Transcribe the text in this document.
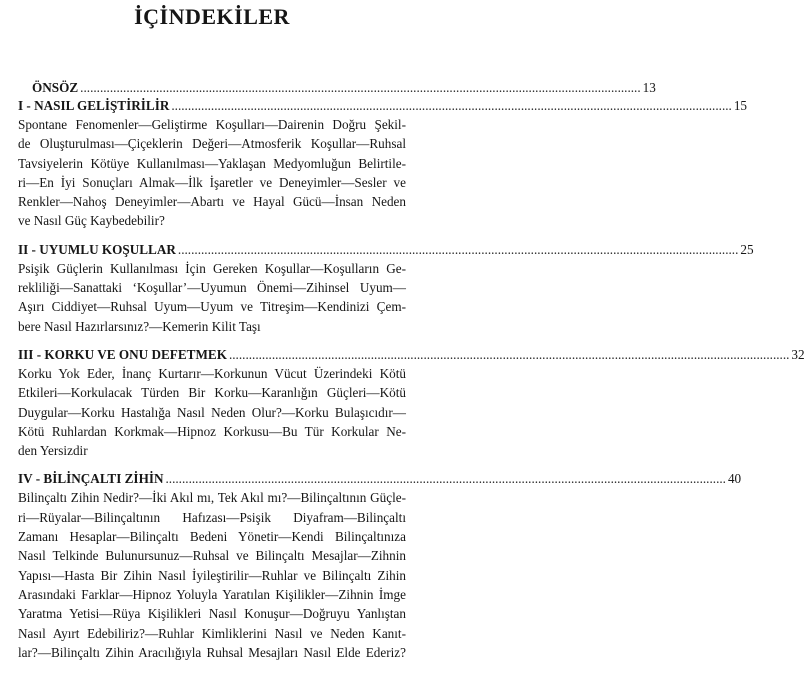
İÇİNDEKİLER
ÖNSÖZ .......................................................................................................................................................................... 13
I - NASIL GELİŞTİRİLİR .......................................................................................................................................................................... 15
Spontane Fenomenler—Geliştirme Koşulları—Dairenin Doğru Şekil-
de Oluşturulması—Çiçeklerin Değeri—Atmosferik Koşullar—Ruhsal
Tavsiyelerin Kötüye Kullanılması—Yaklaşan Medyomluğun Belirtile-
ri—En İyi Sonuçları Almak—İlk İşaretler ve Deneyimler—Sesler ve
Renkler—Nahoş Deneyimler—Abartı ve Hayal Gücü—İnsan Neden
ve Nasıl Güç Kaybedebilir?
II - UYUMLU KOŞULLAR .......................................................................................................................................................................... 25
Psişik Güçlerin Kullanılması İçin Gereken Koşullar—Koşulların Ge-
rekliliği—Sanattaki ‘Koşullar’—Uyumun Önemi—Zihinsel Uyum—
Aşırı Ciddiyet—Ruhsal Uyum—Uyum ve Titreşim—Kendinizi Çem-
bere Nasıl Hazırlarsınız?—Kemerin Kilit Taşı
III - KORKU VE ONU DEFETMEK .......................................................................................................................................................................... 32
Korku Yok Eder, İnanç Kurtarır—Korkunun Vücut Üzerindeki Kötü
Etkileri—Korkulacak Türden Bir Korku—Karanlığın Güçleri—Kötü
Duygular—Korku Hastalığa Nasıl Neden Olur?—Korku Bulaşıcıdır—
Kötü Ruhlardan Korkmak—Hipnoz Korkusu—Bu Tür Korkular Ne-
den Yersizdir
IV - BİLİNÇALTI ZİHİN .......................................................................................................................................................................... 40
Bilinçaltı Zihin Nedir?—İki Akıl mı, Tek Akıl mı?—Bilinçaltının Güçle-
ri—Rüyalar—Bilinçaltının Hafızası—Psişik Diyafram—Bilinçaltı
Zamanı Hesaplar—Bilinçaltı Bedeni Yönetir—Kendi Bilinçaltınıza
Nasıl Telkinde Bulunursunuz—Ruhsal ve Bilinçaltı Mesajlar—Zihnin
Yapısı—Hasta Bir Zihin Nasıl İyileştirilir—Ruhlar ve Bilinçaltı Zihin
Arasındaki Farklar—Hipnoz Yoluyla Yaratılan Kişilikler—Zihnin İmge
Yaratma Yetisi—Rüya Kişilikleri Nasıl Konuşur—Doğruyu Yanlıştan
Nasıl Ayırt Edebiliriz?—Ruhlar Kimliklerini Nasıl ve Neden Kanıt-
lar?—Bilinçaltı Zihin Aracılığıyla Ruhsal Mesajları Nasıl Elde Ederiz?
